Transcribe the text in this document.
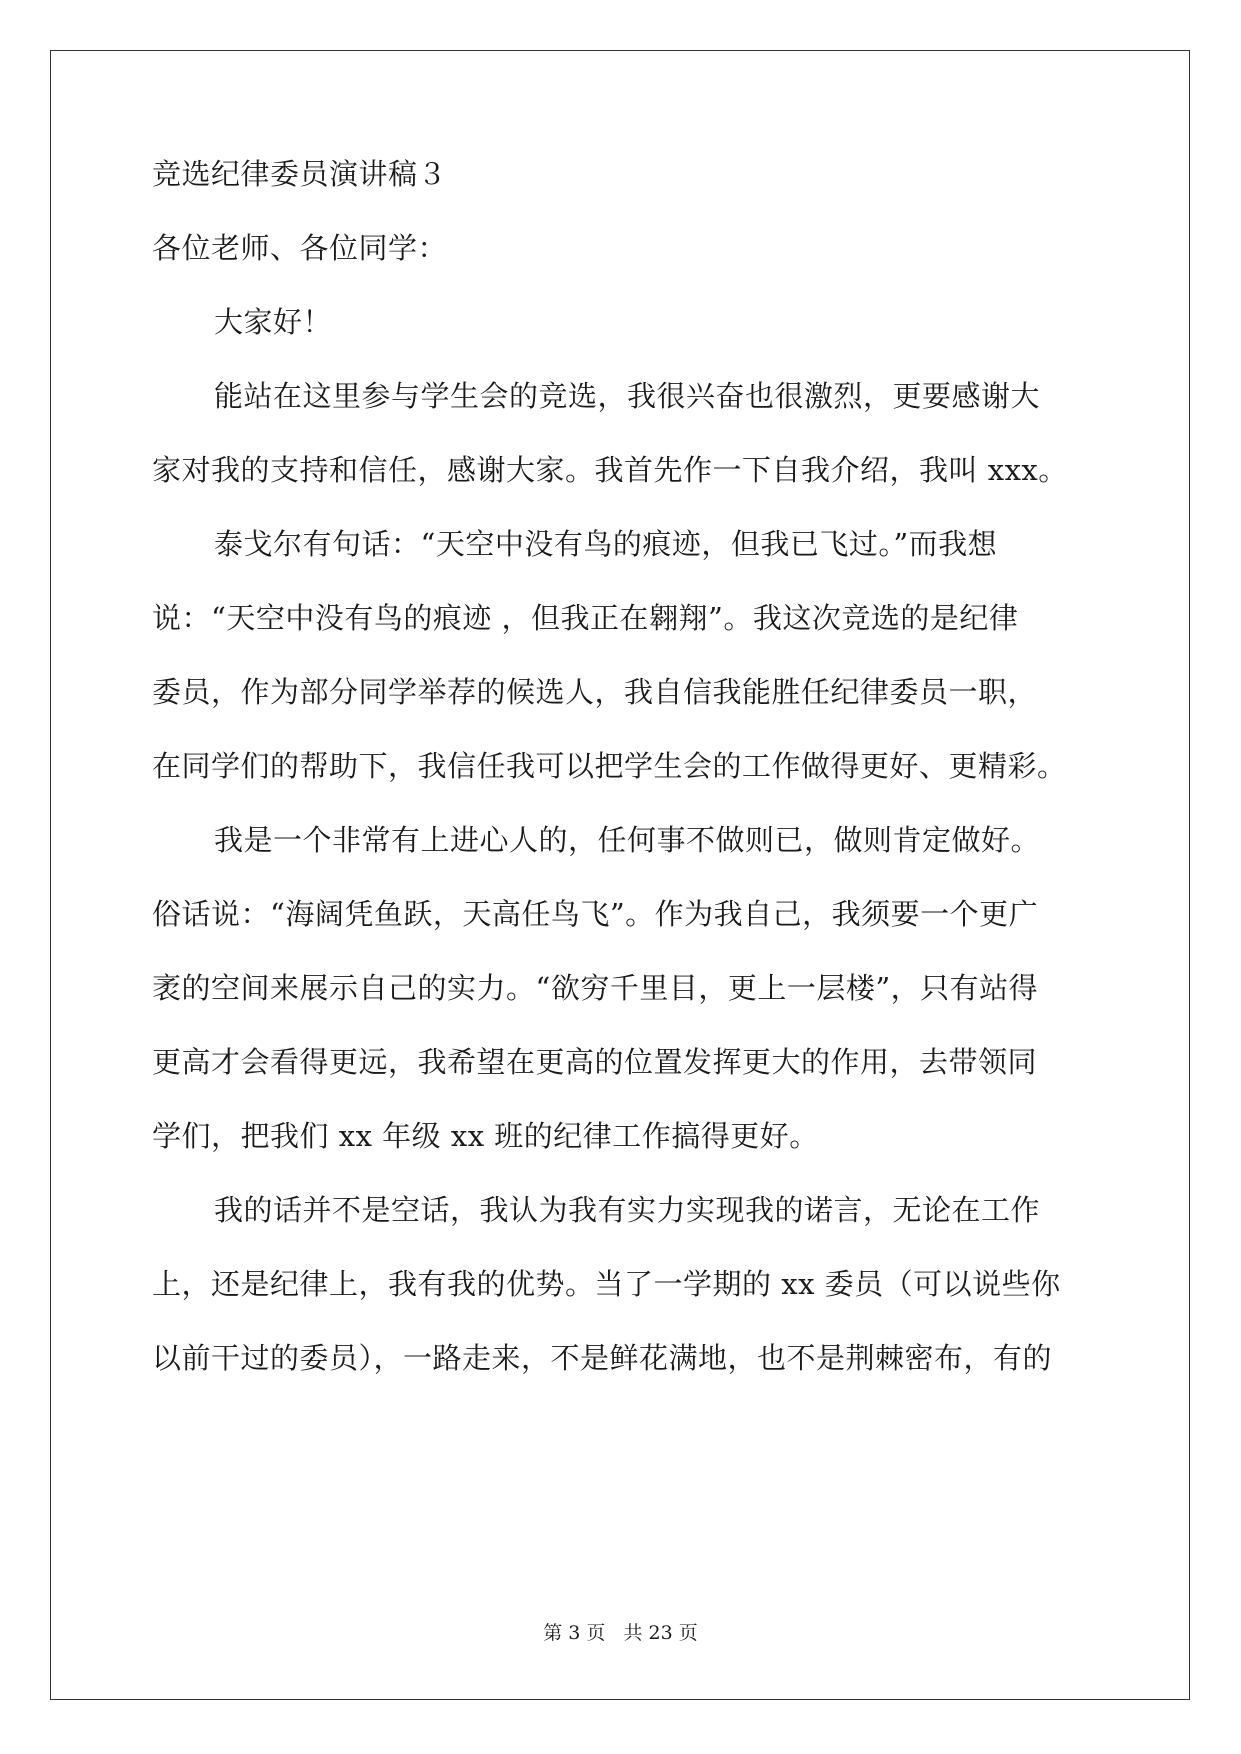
竞选纪律委员演讲稿３
各位老师、各位同学：
大家好！
能站在这里参与学生会的竞选，我很兴奋也很激烈，更要感谢大
家对我的支持和信任，感谢大家。我首先作一下自我介绍，我叫 xxx。
泰戈尔有句话：“天空中没有鸟的痕迹，但我已飞过。”而我想
说：“天空中没有鸟的痕迹 ，但我正在翱翔”。我这次竞选的是纪律
委员，作为部分同学举荐的候选人，我自信我能胜任纪律委员一职，
在同学们的帮助下，我信任我可以把学生会的工作做得更好、更精彩。
我是一个非常有上进心人的，任何事不做则已，做则肯定做好。
俗话说：“海阔凭鱼跃，天高任鸟飞”。作为我自己，我须要一个更广
袤的空间来展示自己的实力。“欲穷千里目，更上一层楼”，只有站得
更高才会看得更远，我希望在更高的位置发挥更大的作用，去带领同
学们，把我们 xx 年级 xx 班的纪律工作搞得更好。
我的话并不是空话，我认为我有实力实现我的诺言，无论在工作
上，还是纪律上，我有我的优势。当了一学期的 xx 委员（可以说些你
以前干过的委员），一路走来，不是鲜花满地，也不是荆棘密布，有的
第 3 页 共 23 页
